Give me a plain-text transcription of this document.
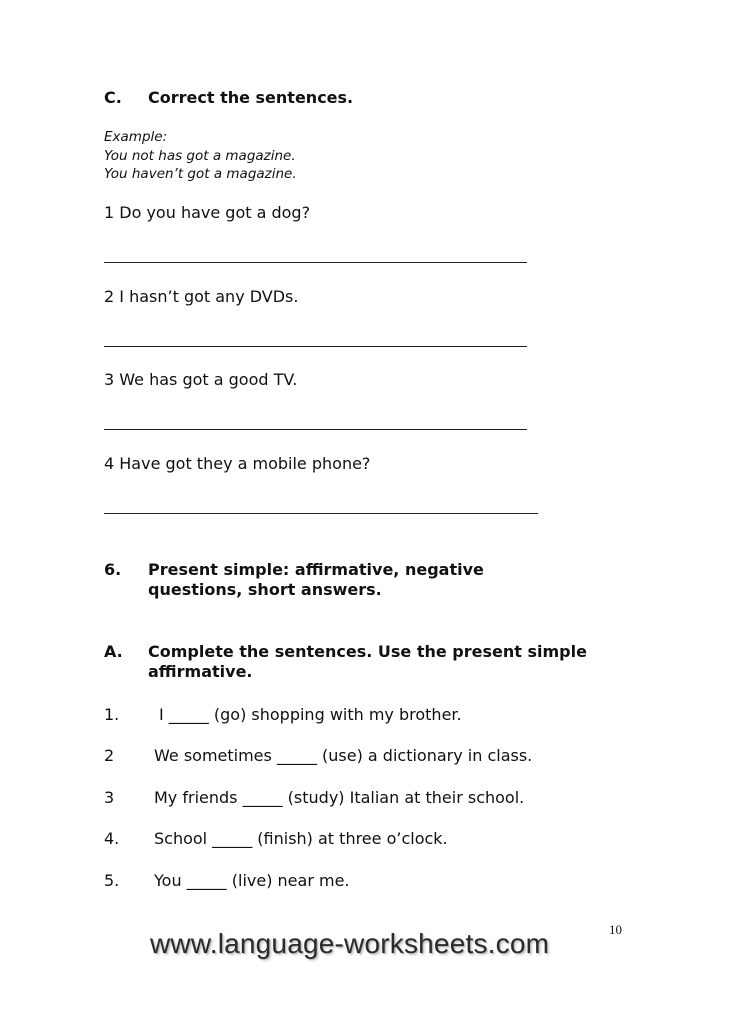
C. Correct the sentences.
Example:
You not has got a magazine.
You haven’t got a magazine.
1 Do you have got a dog?
2 I hasn’t got any DVDs.
3 We has got a good TV.
4 Have got they a mobile phone?
6. Present simple: affirmative, negative
questions, short answers.
A. Complete the sentences. Use the present simple
affirmative.
1. I _____ (go) shopping with my brother.
2 We sometimes _____ (use) a dictionary in class.
3 My friends _____ (study) Italian at their school.
4. School _____ (finish) at three o’clock.
5. You _____ (live) near me.
10
www.language-worksheets.com
